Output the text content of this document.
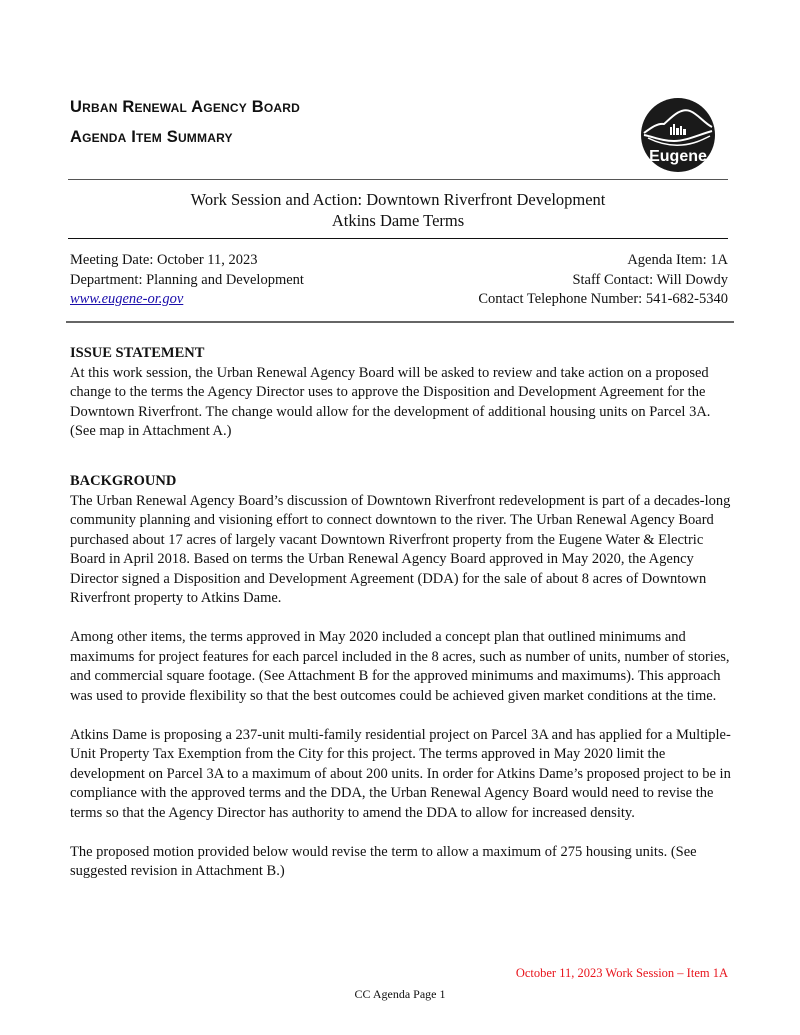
Urban Renewal Agency Board
Agenda Item Summary
Eugene
Work Session and Action: Downtown Riverfront Development
Atkins Dame Terms
Meeting Date: October 11, 2023	Agenda Item: 1A
Department: Planning and Development	Staff Contact: Will Dowdy
www.eugene-or.gov	Contact Telephone Number: 541-682-5340
ISSUE STATEMENT

At this work session, the Urban Renewal Agency Board will be asked to review and take action on a proposed change to the terms the Agency Director uses to approve the Disposition and Development Agreement for the Downtown Riverfront. The change would allow for the development of additional housing units on Parcel 3A. (See map in Attachment A.)

BACKGROUND

The Urban Renewal Agency Board’s discussion of Downtown Riverfront redevelopment is part of a decades-long community planning and visioning effort to connect downtown to the river. The Urban Renewal Agency Board purchased about 17 acres of largely vacant Downtown Riverfront property from the Eugene Water & Electric Board in April 2018. Based on terms the Urban Renewal Agency Board approved in May 2020, the Agency Director signed a Disposition and Development Agreement (DDA) for the sale of about 8 acres of Downtown Riverfront property to Atkins Dame.

Among other items, the terms approved in May 2020 included a concept plan that outlined minimums and maximums for project features for each parcel included in the 8 acres, such as number of units, number of stories, and commercial square footage. (See Attachment B for the approved minimums and maximums). This approach was used to provide flexibility so that the best outcomes could be achieved given market conditions at the time.

Atkins Dame is proposing a 237-unit multi-family residential project on Parcel 3A and has applied for a Multiple-Unit Property Tax Exemption from the City for this project. The terms approved in May 2020 limit the development on Parcel 3A to a maximum of about 200 units. In order for Atkins Dame’s proposed project to be in compliance with the approved terms and the DDA, the Urban Renewal Agency Board would need to revise the terms so that the Agency Director has authority to amend the DDA to allow for increased density.

The proposed motion provided below would revise the term to allow a maximum of 275 housing units. (See suggested revision in Attachment B.)

October 11, 2023 Work Session – Item 1A
CC Agenda Page 1
